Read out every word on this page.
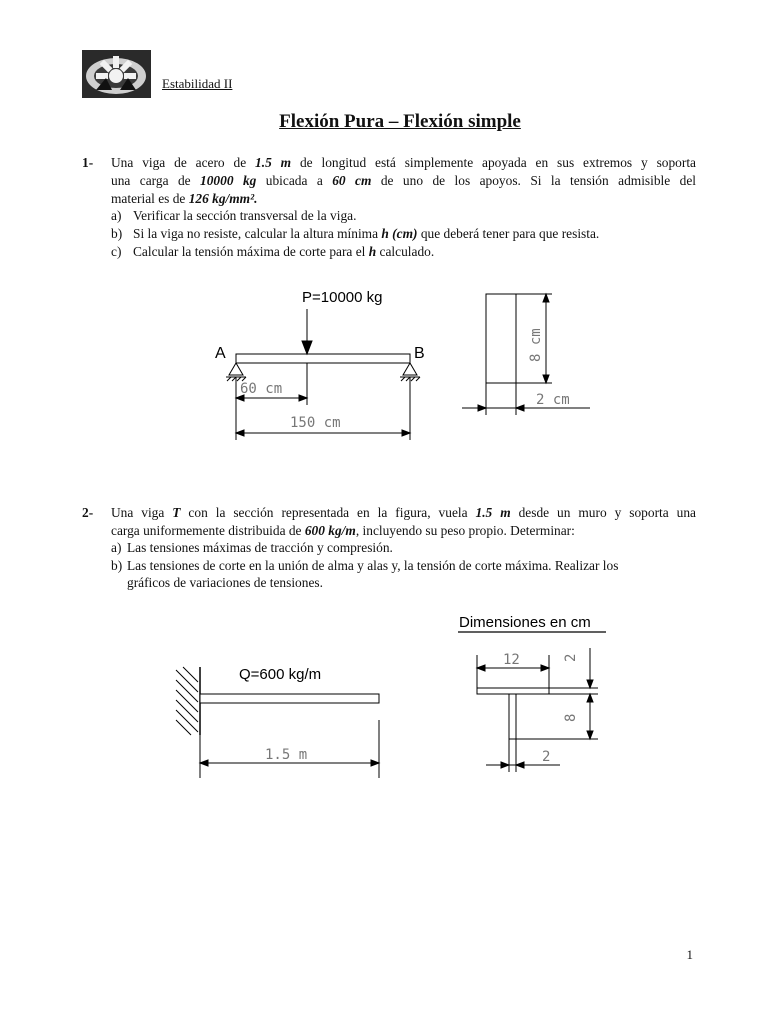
Estabilidad II
Flexión Pura – Flexión simple
1- Una viga de acero de 1.5 m de longitud está simplemente apoyada en sus extremos y soporta
una carga de 10000 kg ubicada a 60 cm de uno de los apoyos. Si la tensión admisible del
material es de 126 kg/mm².
a) Verificar la sección transversal de la viga.
b) Si la viga no resiste, calcular la altura mínima h (cm) que deberá tener para que resista.
c) Calcular la tensión máxima de corte para el h calculado.
P=10000 kg
A	B
60 cm
150 cm
8 cm
2 cm
2- Una viga T con la sección representada en la figura, vuela 1.5 m desde un muro y soporta una
carga uniformemente distribuida de 600 kg/m, incluyendo su peso propio. Determinar:
a) Las tensiones máximas de tracción y compresión.
b) Las tensiones de corte en la unión de alma y alas y, la tensión de corte máxima. Realizar los
gráficos de variaciones de tensiones.
Dimensiones en cm
Q=600 kg/m
1.5 m
12	2
8
2
1
